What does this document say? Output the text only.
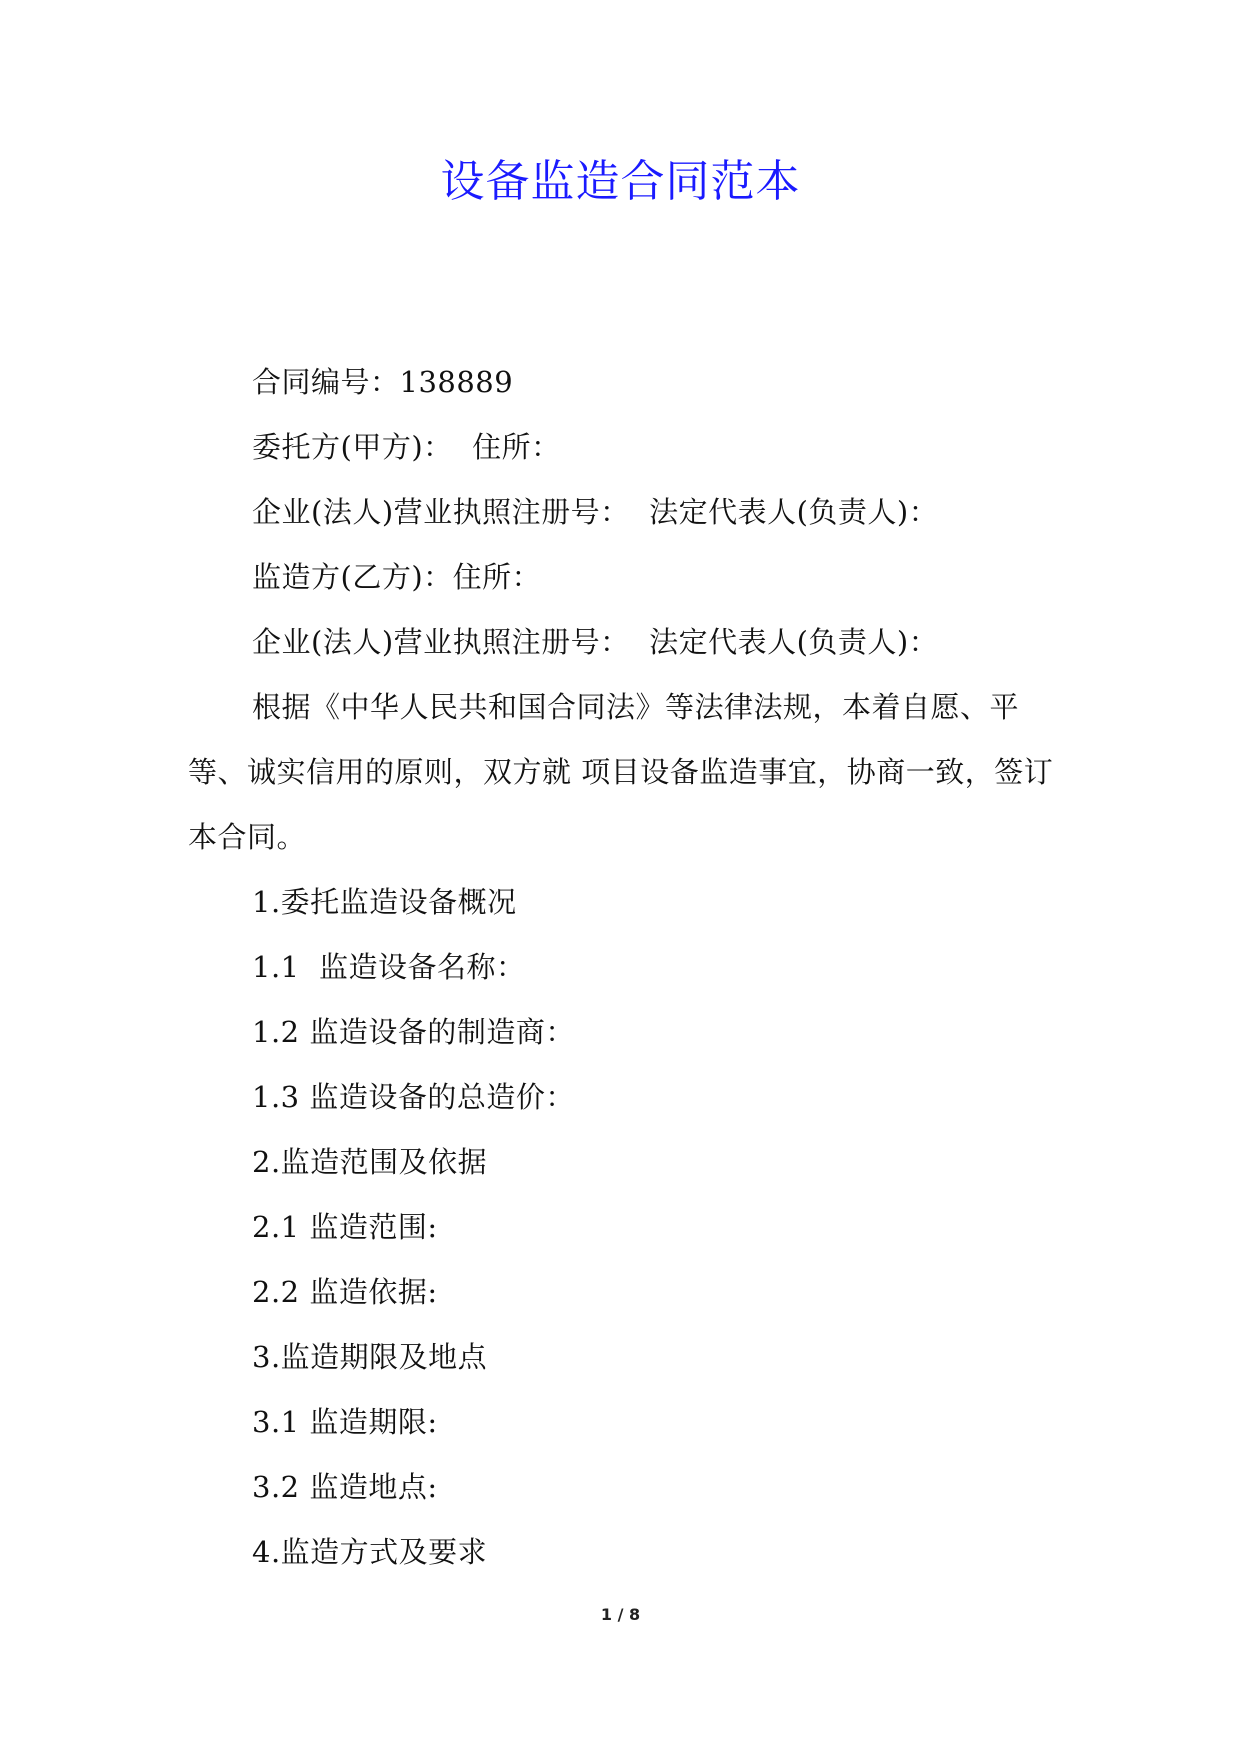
设备监造合同范本

合同编号：138889

委托方(甲方)：  住所：

企业(法人)营业执照注册号：  法定代表人(负责人)：

监造方(乙方)：住所：

企业(法人)营业执照注册号：  法定代表人(负责人)：

根据《中华人民共和国合同法》等法律法规，本着自愿、平等、诚实信用的原则，双方就 项目设备监造事宜，协商一致，签订本合同。

1.委托监造设备概况

1.1  监造设备名称：

1.2 监造设备的制造商：

1.3 监造设备的总造价：

2.监造范围及依据

2.1 监造范围:

2.2 监造依据:

3.监造期限及地点

3.1 监造期限:

3.2 监造地点:

4.监造方式及要求

1 / 8
